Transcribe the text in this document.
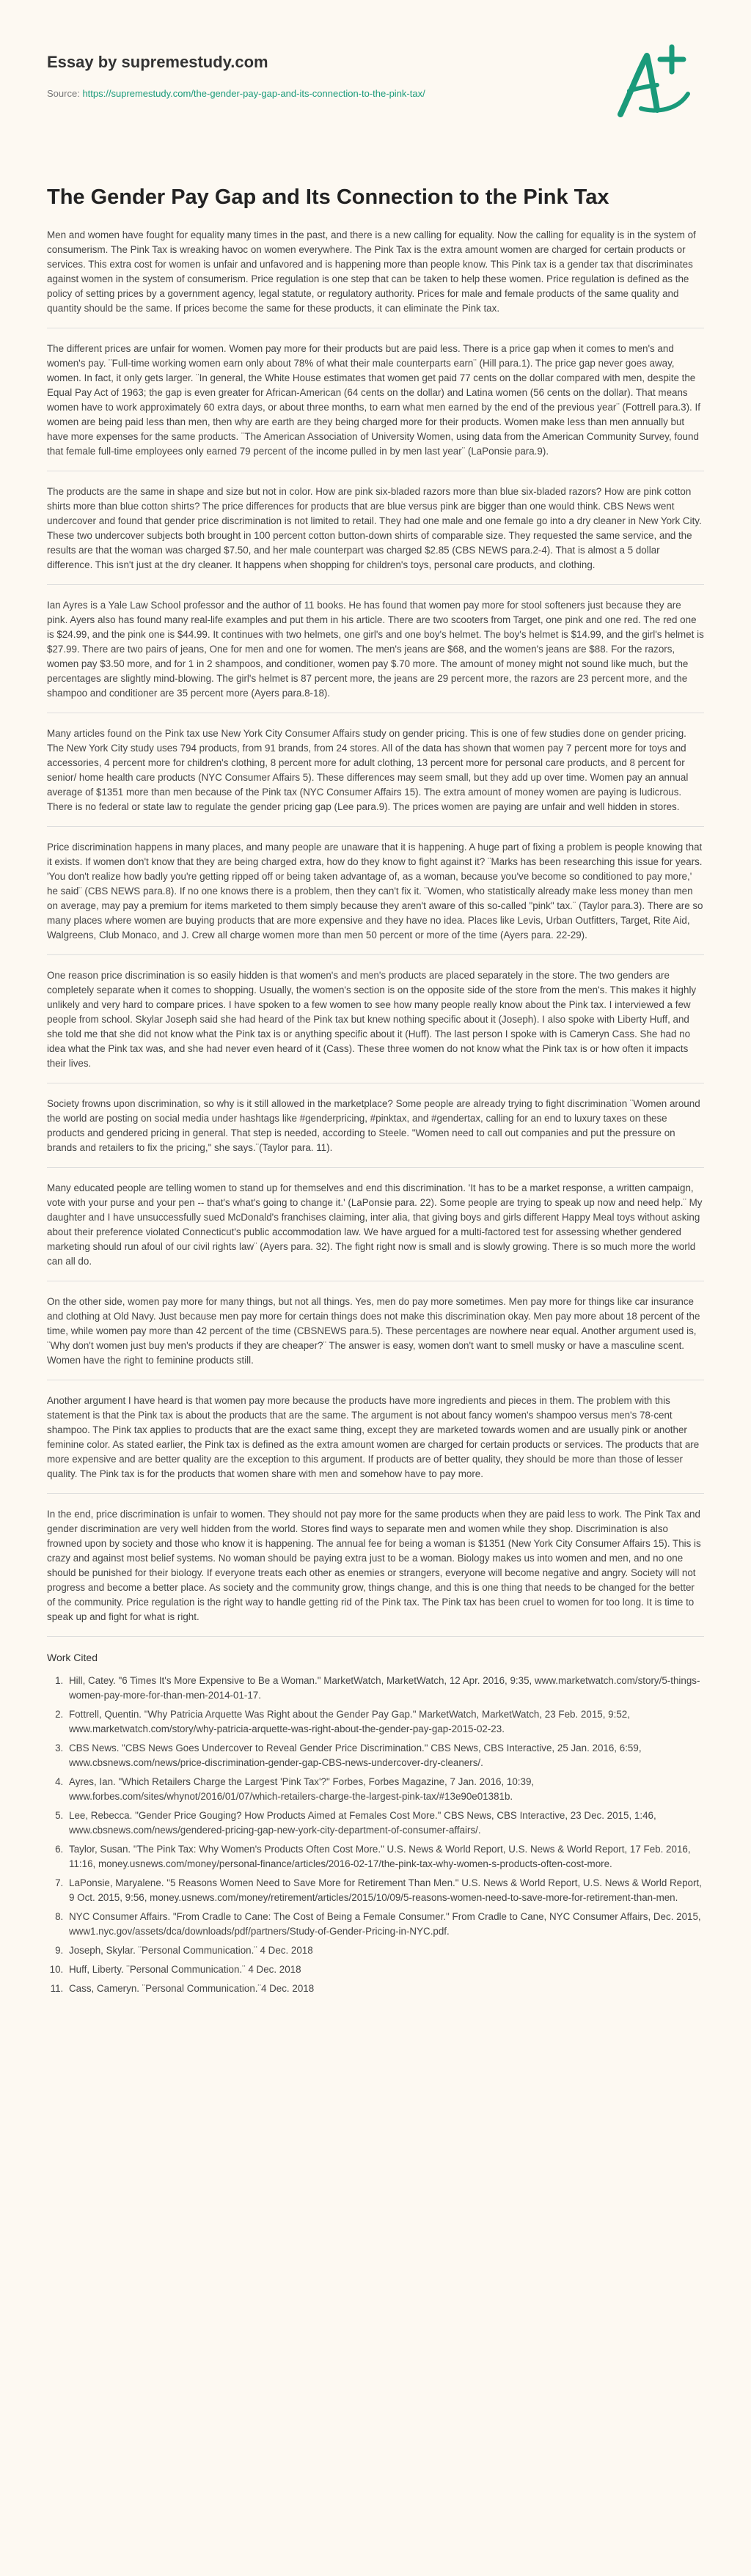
Essay by supremestudy.com
Source: https://supremestudy.com/the-gender-pay-gap-and-its-connection-to-the-pink-tax/
The Gender Pay Gap and Its Connection to the Pink Tax

Men and women have fought for equality many times in the past, and there is a new calling for equality. Now the calling for equality is in the system of consumerism. The Pink Tax is wreaking havoc on women everywhere. The Pink Tax is the extra amount women are charged for certain products or services. This extra cost for women is unfair and unfavored and is happening more than people know. This Pink tax is a gender tax that discriminates against women in the system of consumerism. Price regulation is one step that can be taken to help these women. Price regulation is defined as the policy of setting prices by a government agency, legal statute, or regulatory authority. Prices for male and female products of the same quality and quantity should be the same. If prices become the same for these products, it can eliminate the Pink tax.

The different prices are unfair for women. Women pay more for their products but are paid less. There is a price gap when it comes to men's and women's pay. ¨Full-time working women earn only about 78% of what their male counterparts earn¨ (Hill para.1). The price gap never goes away, women. In fact, it only gets larger. ¨In general, the White House estimates that women get paid 77 cents on the dollar compared with men, despite the Equal Pay Act of 1963; the gap is even greater for African-American (64 cents on the dollar) and Latina women (56 cents on the dollar). That means women have to work approximately 60 extra days, or about three months, to earn what men earned by the end of the previous year¨ (Fottrell para.3). If women are being paid less than men, then why are earth are they being charged more for their products. Women make less than men annually but have more expenses for the same products. ¨The American Association of University Women, using data from the American Community Survey, found that female full-time employees only earned 79 percent of the income pulled in by men last year¨ (LaPonsie para.9).

The products are the same in shape and size but not in color. How are pink six-bladed razors more than blue six-bladed razors? How are pink cotton shirts more than blue cotton shirts? The price differences for products that are blue versus pink are bigger than one would think. CBS News went undercover and found that gender price discrimination is not limited to retail. They had one male and one female go into a dry cleaner in New York City. These two undercover subjects both brought in 100 percent cotton button-down shirts of comparable size. They requested the same service, and the results are that the woman was charged $7.50, and her male counterpart was charged $2.85 (CBS NEWS para.2-4). That is almost a 5 dollar difference. This isn't just at the dry cleaner. It happens when shopping for children's toys, personal care products, and clothing.

Ian Ayres is a Yale Law School professor and the author of 11 books. He has found that women pay more for stool softeners just because they are pink. Ayers also has found many real-life examples and put them in his article. There are two scooters from Target, one pink and one red. The red one is $24.99, and the pink one is $44.99. It continues with two helmets, one girl's and one boy's helmet. The boy's helmet is $14.99, and the girl's helmet is $27.99. There are two pairs of jeans, One for men and one for women. The men's jeans are $68, and the women's jeans are $88. For the razors, women pay $3.50 more, and for 1 in 2 shampoos, and conditioner, women pay $.70 more. The amount of money might not sound like much, but the percentages are slightly mind-blowing. The girl's helmet is 87 percent more, the jeans are 29 percent more, the razors are 23 percent more, and the shampoo and conditioner are 35 percent more (Ayers para.8-18).

Many articles found on the Pink tax use New York City Consumer Affairs study on gender pricing. This is one of few studies done on gender pricing. The New York City study uses 794 products, from 91 brands, from 24 stores. All of the data has shown that women pay 7 percent more for toys and accessories, 4 percent more for children's clothing, 8 percent more for adult clothing, 13 percent more for personal care products, and 8 percent for senior/ home health care products (NYC Consumer Affairs 5). These differences may seem small, but they add up over time. Women pay an annual average of $1351 more than men because of the Pink tax (NYC Consumer Affairs 15). The extra amount of money women are paying is ludicrous. There is no federal or state law to regulate the gender pricing gap (Lee para.9). The prices women are paying are unfair and well hidden in stores.

Price discrimination happens in many places, and many people are unaware that it is happening. A huge part of fixing a problem is people knowing that it exists. If women don't know that they are being charged extra, how do they know to fight against it? ¨Marks has been researching this issue for years. 'You don't realize how badly you're getting ripped off or being taken advantage of, as a woman, because you've become so conditioned to pay more,' he said¨ (CBS NEWS para.8). If no one knows there is a problem, then they can't fix it. ¨Women, who statistically already make less money than men on average, may pay a premium for items marketed to them simply because they aren't aware of this so-called "pink" tax.¨ (Taylor para.3). There are so many places where women are buying products that are more expensive and they have no idea. Places like Levis, Urban Outfitters, Target, Rite Aid, Walgreens, Club Monaco, and J. Crew all charge women more than men 50 percent or more of the time (Ayers para. 22-29).

One reason price discrimination is so easily hidden is that women's and men's products are placed separately in the store. The two genders are completely separate when it comes to shopping. Usually, the women's section is on the opposite side of the store from the men's. This makes it highly unlikely and very hard to compare prices. I have spoken to a few women to see how many people really know about the Pink tax. I interviewed a few people from school. Skylar Joseph said she had heard of the Pink tax but knew nothing specific about it (Joseph). I also spoke with Liberty Huff, and she told me that she did not know what the Pink tax is or anything specific about it (Huff). The last person I spoke with is Cameryn Cass. She had no idea what the Pink tax was, and she had never even heard of it (Cass). These three women do not know what the Pink tax is or how often it impacts their lives.

Society frowns upon discrimination, so why is it still allowed in the marketplace? Some people are already trying to fight discrimination ¨Women around the world are posting on social media under hashtags like #genderpricing, #pinktax, and #gendertax, calling for an end to luxury taxes on these products and gendered pricing in general. That step is needed, according to Steele. "Women need to call out companies and put the pressure on brands and retailers to fix the pricing," she says.¨(Taylor para. 11).

Many educated people are telling women to stand up for themselves and end this discrimination. 'It has to be a market response, a written campaign, vote with your purse and your pen -- that's what's going to change it.' (LaPonsie para. 22). Some people are trying to speak up now and need help.¨ My daughter and I have unsuccessfully sued McDonald's franchises claiming, inter alia, that giving boys and girls different Happy Meal toys without asking about their preference violated Connecticut's public accommodation law. We have argued for a multi-factored test for assessing whether gendered marketing should run afoul of our civil rights law¨ (Ayers para. 32). The fight right now is small and is slowly growing. There is so much more the world can all do.

On the other side, women pay more for many things, but not all things. Yes, men do pay more sometimes. Men pay more for things like car insurance and clothing at Old Navy. Just because men pay more for certain things does not make this discrimination okay. Men pay more about 18 percent of the time, while women pay more than 42 percent of the time (CBSNEWS para.5). These percentages are nowhere near equal. Another argument used is, ¨Why don't women just buy men's products if they are cheaper?¨ The answer is easy, women don't want to smell musky or have a masculine scent. Women have the right to feminine products still.

Another argument I have heard is that women pay more because the products have more ingredients and pieces in them. The problem with this statement is that the Pink tax is about the products that are the same. The argument is not about fancy women's shampoo versus men's 78-cent shampoo. The Pink tax applies to products that are the exact same thing, except they are marketed towards women and are usually pink or another feminine color. As stated earlier, the Pink tax is defined as the extra amount women are charged for certain products or services. The products that are more expensive and are better quality are the exception to this argument. If products are of better quality, they should be more than those of lesser quality. The Pink tax is for the products that women share with men and somehow have to pay more.

In the end, price discrimination is unfair to women. They should not pay more for the same products when they are paid less to work. The Pink Tax and gender discrimination are very well hidden from the world. Stores find ways to separate men and women while they shop. Discrimination is also frowned upon by society and those who know it is happening. The annual fee for being a woman is $1351 (New York City Consumer Affairs 15). This is crazy and against most belief systems. No woman should be paying extra just to be a woman. Biology makes us into women and men, and no one should be punished for their biology. If everyone treats each other as enemies or strangers, everyone will become negative and angry. Society will not progress and become a better place. As society and the community grow, things change, and this is one thing that needs to be changed for the better of the community. Price regulation is the right way to handle getting rid of the Pink tax. The Pink tax has been cruel to women for too long. It is time to speak up and fight for what is right.

Work Cited
1. Hill, Catey. "6 Times It's More Expensive to Be a Woman." MarketWatch, MarketWatch, 12 Apr. 2016, 9:35, www.marketwatch.com/story/5-things-women-pay-more-for-than-men-2014-01-17.
2. Fottrell, Quentin. "Why Patricia Arquette Was Right about the Gender Pay Gap." MarketWatch, MarketWatch, 23 Feb. 2015, 9:52, www.marketwatch.com/story/why-patricia-arquette-was-right-about-the-gender-pay-gap-2015-02-23.
3. CBS News. "CBS News Goes Undercover to Reveal Gender Price Discrimination." CBS News, CBS Interactive, 25 Jan. 2016, 6:59, www.cbsnews.com/news/price-discrimination-gender-gap-CBS-news-undercover-dry-cleaners/.
4. Ayres, Ian. "Which Retailers Charge the Largest 'Pink Tax'?" Forbes, Forbes Magazine, 7 Jan. 2016, 10:39, www.forbes.com/sites/whynot/2016/01/07/which-retailers-charge-the-largest-pink-tax/#13e90e01381b.
5. Lee, Rebecca. "Gender Price Gouging? How Products Aimed at Females Cost More." CBS News, CBS Interactive, 23 Dec. 2015, 1:46, www.cbsnews.com/news/gendered-pricing-gap-new-york-city-department-of-consumer-affairs/.
6. Taylor, Susan. "The Pink Tax: Why Women's Products Often Cost More." U.S. News & World Report, U.S. News & World Report, 17 Feb. 2016, 11:16, money.usnews.com/money/personal-finance/articles/2016-02-17/the-pink-tax-why-women-s-products-often-cost-more.
7. LaPonsie, Maryalene. "5 Reasons Women Need to Save More for Retirement Than Men." U.S. News & World Report, U.S. News & World Report, 9 Oct. 2015, 9:56, money.usnews.com/money/retirement/articles/2015/10/09/5-reasons-women-need-to-save-more-for-retirement-than-men.
8. NYC Consumer Affairs. "From Cradle to Cane: The Cost of Being a Female Consumer." From Cradle to Cane, NYC Consumer Affairs, Dec. 2015, www1.nyc.gov/assets/dca/downloads/pdf/partners/Study-of-Gender-Pricing-in-NYC.pdf.
9. Joseph, Skylar. ¨Personal Communication.¨ 4 Dec. 2018
10. Huff, Liberty. ¨Personal Communication.¨ 4 Dec. 2018
11. Cass, Cameryn. ¨Personal Communication.¨4 Dec. 2018
